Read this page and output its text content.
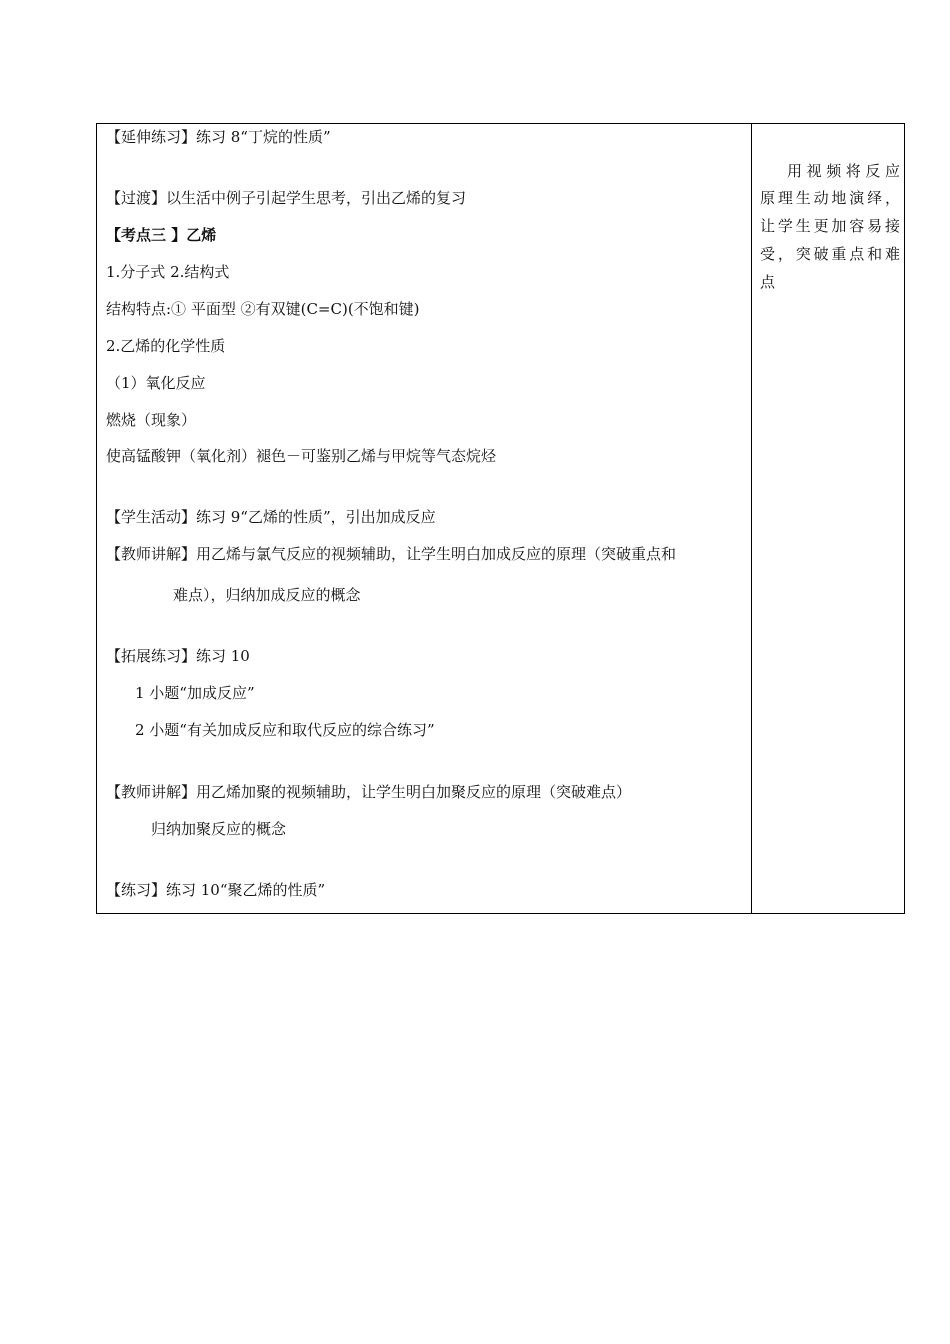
【延伸练习】练习 8“丁烷的性质”
【过渡】以生活中例子引起学生思考，引出乙烯的复习
【考点三 】乙烯
1.分子式 2.结构式
结构特点:① 平面型 ②有双键(C=C)(不饱和键)
2.乙烯的化学性质
（1）氧化反应
燃烧（现象）
使高锰酸钾（氧化剂）褪色－可鉴别乙烯与甲烷等气态烷烃
【学生活动】练习 9“乙烯的性质”，引出加成反应
【教师讲解】用乙烯与氯气反应的视频辅助，让学生明白加成反应的原理（突破重点和
难点），归纳加成反应的概念
【拓展练习】练习 10
1 小题“加成反应”
2 小题“有关加成反应和取代反应的综合练习”
【教师讲解】用乙烯加聚的视频辅助，让学生明白加聚反应的原理（突破难点）
归纳加聚反应的概念
【练习】练习 10“聚乙烯的性质”
用视频将反应
原理生动地演绎，
让学生更加容易接
受，突破重点和难
点
